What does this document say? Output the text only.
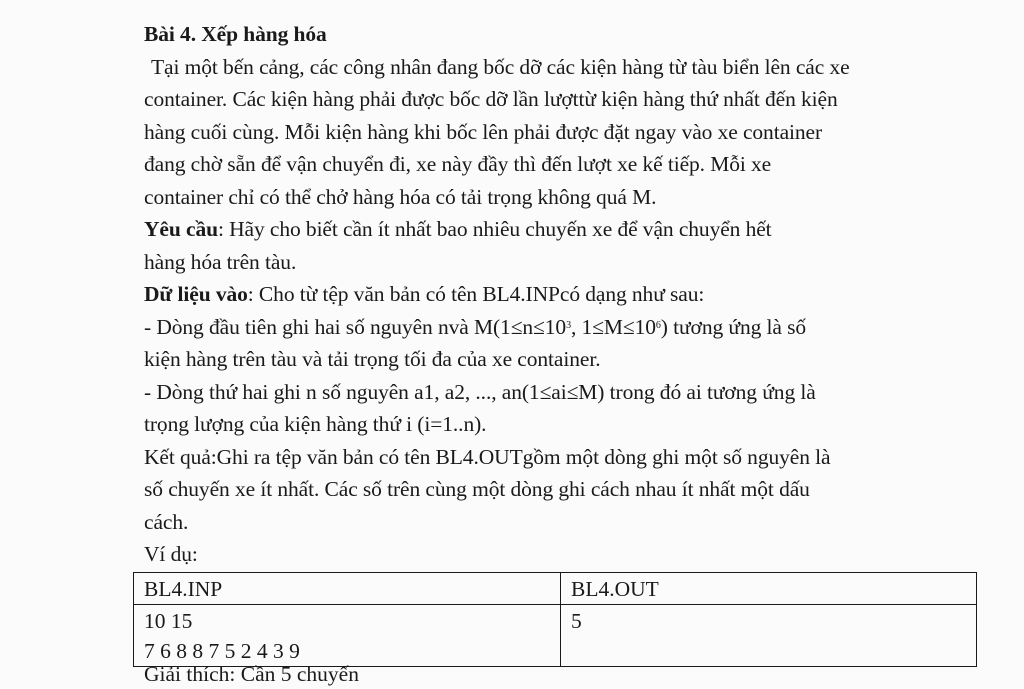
Bài 4. Xếp hàng hóa
Tại một bến cảng, các công nhân đang bốc dỡ các kiện hàng từ tàu biển lên các xe
container. Các kiện hàng phải được bốc dỡ lần lượttừ kiện hàng thứ nhất đến kiện
hàng cuối cùng. Mỗi kiện hàng khi bốc lên phải được đặt ngay vào xe container
đang chờ sẵn để vận chuyển đi, xe này đầy thì đến lượt xe kế tiếp. Mỗi xe
container chỉ có thể chở hàng hóa có tải trọng không quá M.
Yêu cầu: Hãy cho biết cần ít nhất bao nhiêu chuyến xe để vận chuyển hết
hàng hóa trên tàu.
Dữ liệu vào: Cho từ tệp văn bản có tên BL4.INPcó dạng như sau:
- Dòng đầu tiên ghi hai số nguyên nvà $M(1\le n\le 10^3$, $1\le M\le 10^6$) tương ứng là số
kiện hàng trên tàu và tải trọng tối đa của xe container.
- Dòng thứ hai ghi n số nguyên a1, a2, ..., an(1≤ai≤M) trong đó ai tương ứng là
trọng lượng của kiện hàng thứ i (i=1..n).
Kết quả:Ghi ra tệp văn bản có tên BL4.OUTgồm một dòng ghi một số nguyên là
số chuyến xe ít nhất. Các số trên cùng một dòng ghi cách nhau ít nhất một dấu
cách.
Ví dụ:
BL4.INP	BL4.OUT

10 15
7 6 8 8 7 5 2 4 3 9	5
Giải thích: Cần 5 chuyến
